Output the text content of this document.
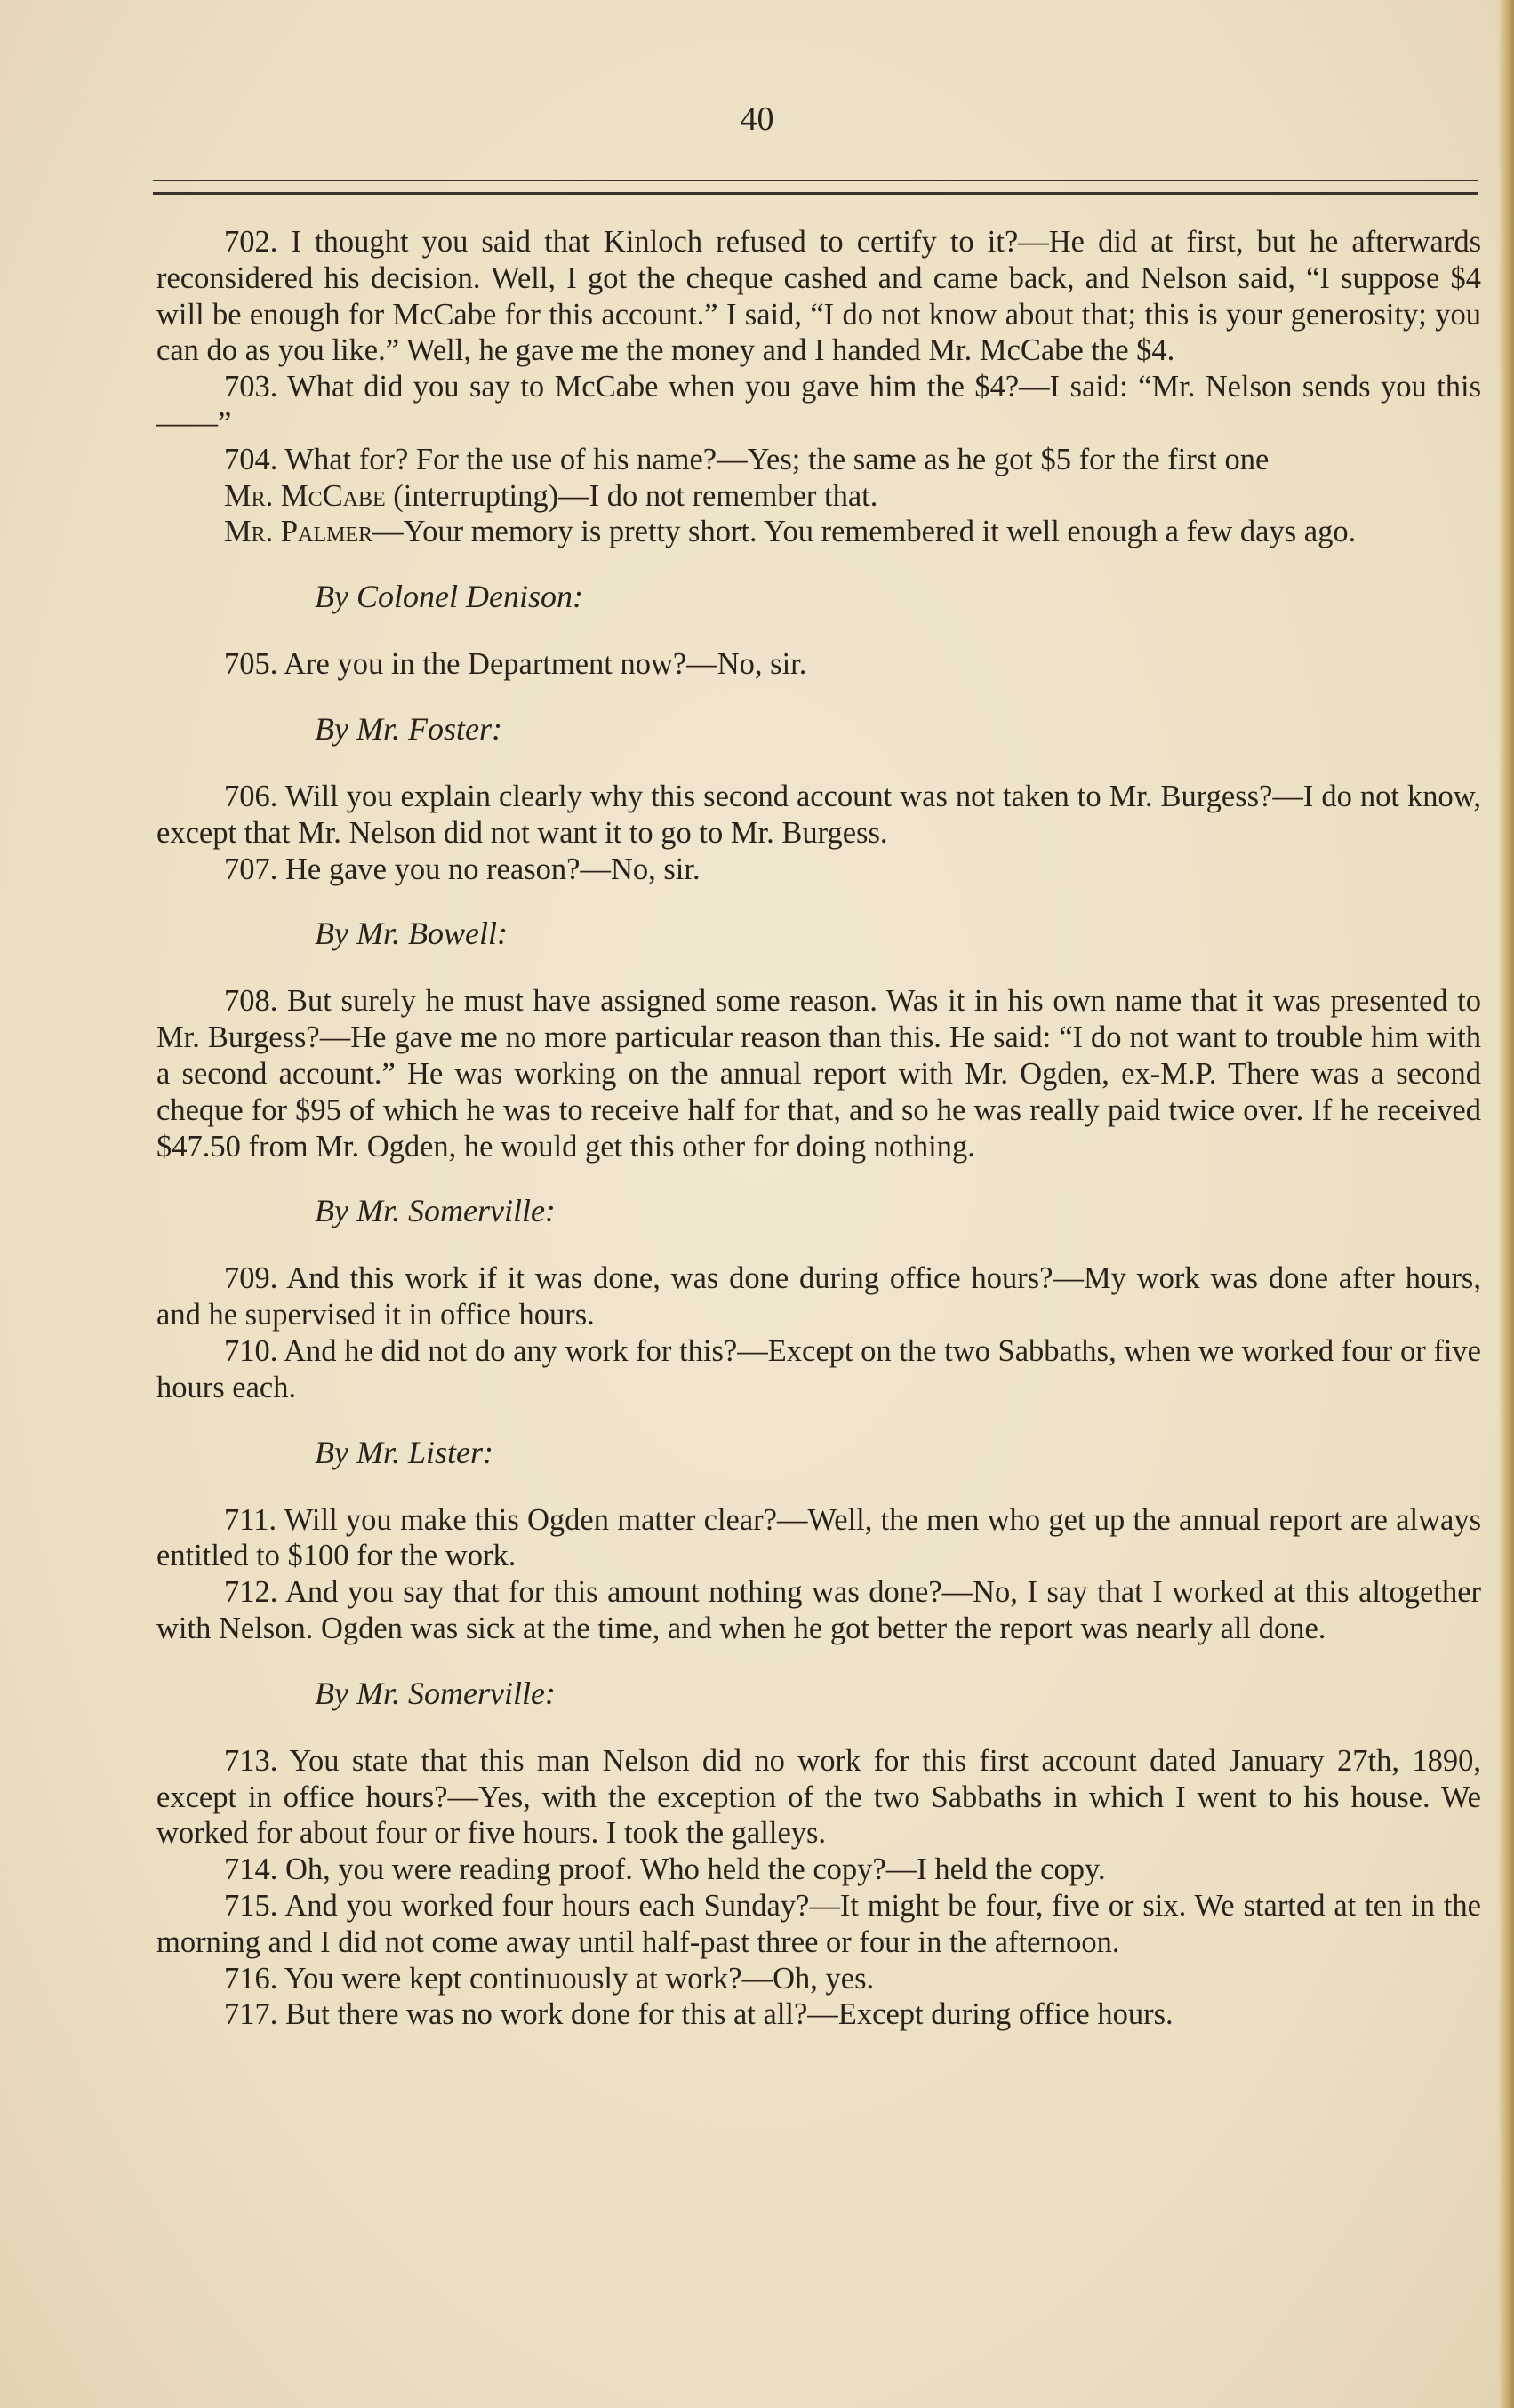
40

702. I thought you said that Kinloch refused to certify to it?—He did at first, but he afterwards reconsidered his decision. Well, I got the cheque cashed and came back, and Nelson said, “I suppose $4 will be enough for McCabe for this account.” I said, “I do not know about that; this is your generosity; you can do as you like.” Well, he gave me the money and I handed Mr. McCabe the $4.

703. What did you say to McCabe when you gave him the $4?—I said: “Mr. Nelson sends you this——”

704. What for? For the use of his name?—Yes; the same as he got $5 for the first one

Mr. McCabe (interrupting)—I do not remember that.

Mr. Palmer—Your memory is pretty short. You remembered it well enough a few days ago.

By Colonel Denison:

705. Are you in the Department now?—No, sir.

By Mr. Foster:

706. Will you explain clearly why this second account was not taken to Mr. Burgess?—I do not know, except that Mr. Nelson did not want it to go to Mr. Burgess.

707. He gave you no reason?—No, sir.

By Mr. Bowell:

708. But surely he must have assigned some reason. Was it in his own name that it was presented to Mr. Burgess?—He gave me no more particular reason than this. He said: “I do not want to trouble him with a second account.” He was working on the annual report with Mr. Ogden, ex-M.P. There was a second cheque for $95 of which he was to receive half for that, and so he was really paid twice over. If he received $47.50 from Mr. Ogden, he would get this other for doing nothing.

By Mr. Somerville:

709. And this work if it was done, was done during office hours?—My work was done after hours, and he supervised it in office hours.

710. And he did not do any work for this?—Except on the two Sabbaths, when we worked four or five hours each.

By Mr. Lister:

711. Will you make this Ogden matter clear?—Well, the men who get up the annual report are always entitled to $100 for the work.

712. And you say that for this amount nothing was done?—No, I say that I worked at this altogether with Nelson. Ogden was sick at the time, and when he got better the report was nearly all done.

By Mr. Somerville:

713. You state that this man Nelson did no work for this first account dated January 27th, 1890, except in office hours?—Yes, with the exception of the two Sabbaths in which I went to his house. We worked for about four or five hours. I took the galleys.

714. Oh, you were reading proof. Who held the copy?—I held the copy.

715. And you worked four hours each Sunday?—It might be four, five or six. We started at ten in the morning and I did not come away until half-past three or four in the afternoon.

716. You were kept continuously at work?—Oh, yes.

717. But there was no work done for this at all?—Except during office hours.
